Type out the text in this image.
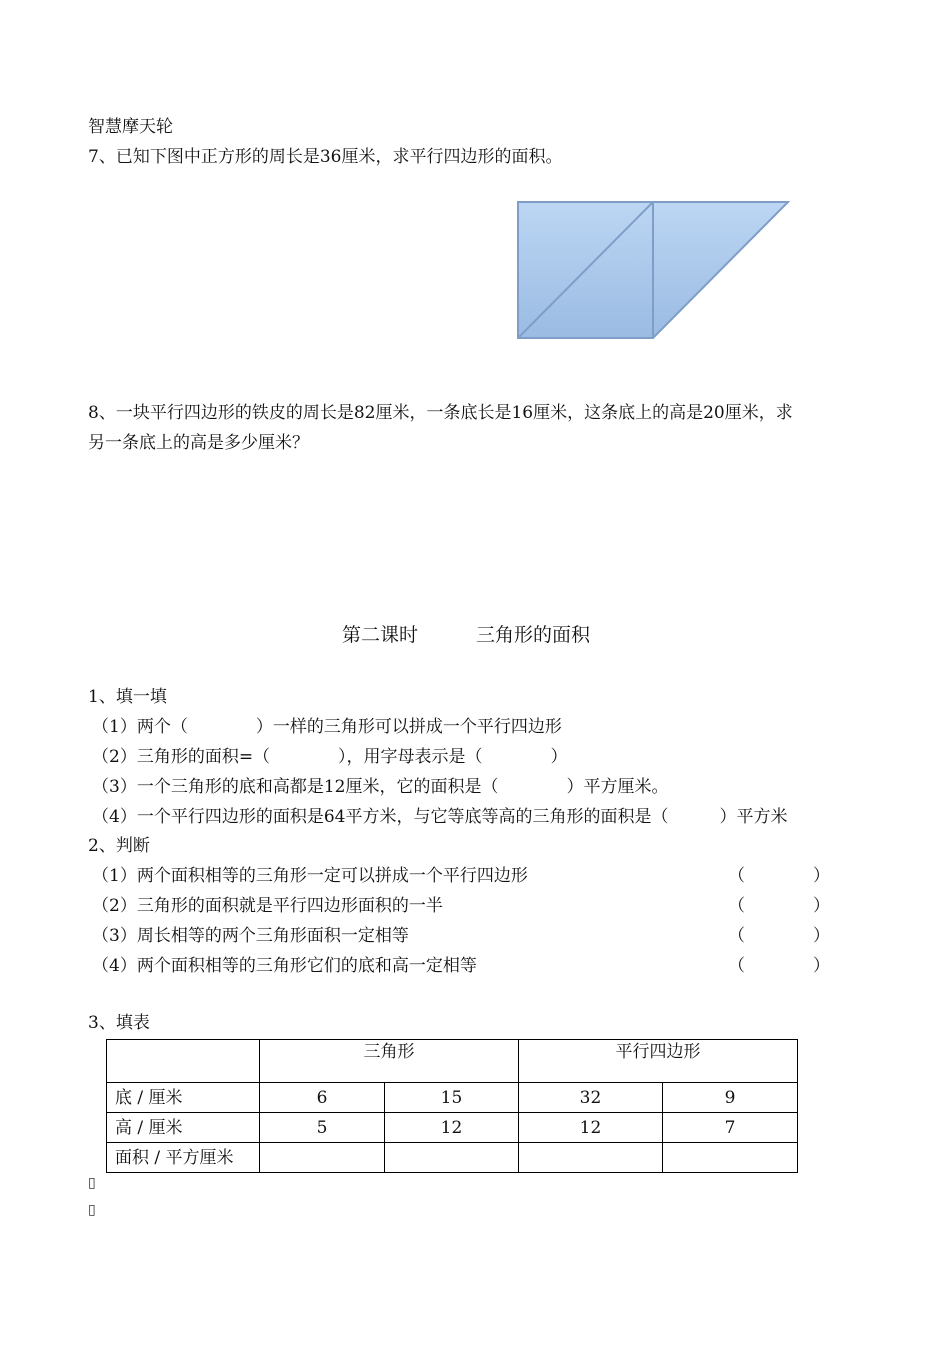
智慧摩天轮
7、已知下图中正方形的周长是36厘米，求平行四边形的面积。
8、一块平行四边形的铁皮的周长是82厘米，一条底长是16厘米，这条底上的高是20厘米，求
另一条底上的高是多少厘米？
第二课时	三角形的面积
1、填一填
（1）两个（　　　　）一样的三角形可以拼成一个平行四边形
（2）三角形的面积=（　　　　），用字母表示是（　　　　）
（3）一个三角形的底和高都是12厘米，它的面积是（　　　　）平方厘米。
（4）一个平行四边形的面积是64平方米，与它等底等高的三角形的面积是（　　　）平方米
2、判断
（1）两个面积相等的三角形一定可以拼成一个平行四边形	（　　　　）
（2）三角形的面积就是平行四边形面积的一半	（　　　　）
（3）周长相等的两个三角形面积一定相等	（　　　　）
（4）两个面积相等的三角形它们的底和高一定相等	（　　　　）
3、填表
	三角形		平行四边形	
底 / 厘米	6	15	32	9
高 / 厘米	5	12	12	7
面积 / 平方厘米				
▯
▯
